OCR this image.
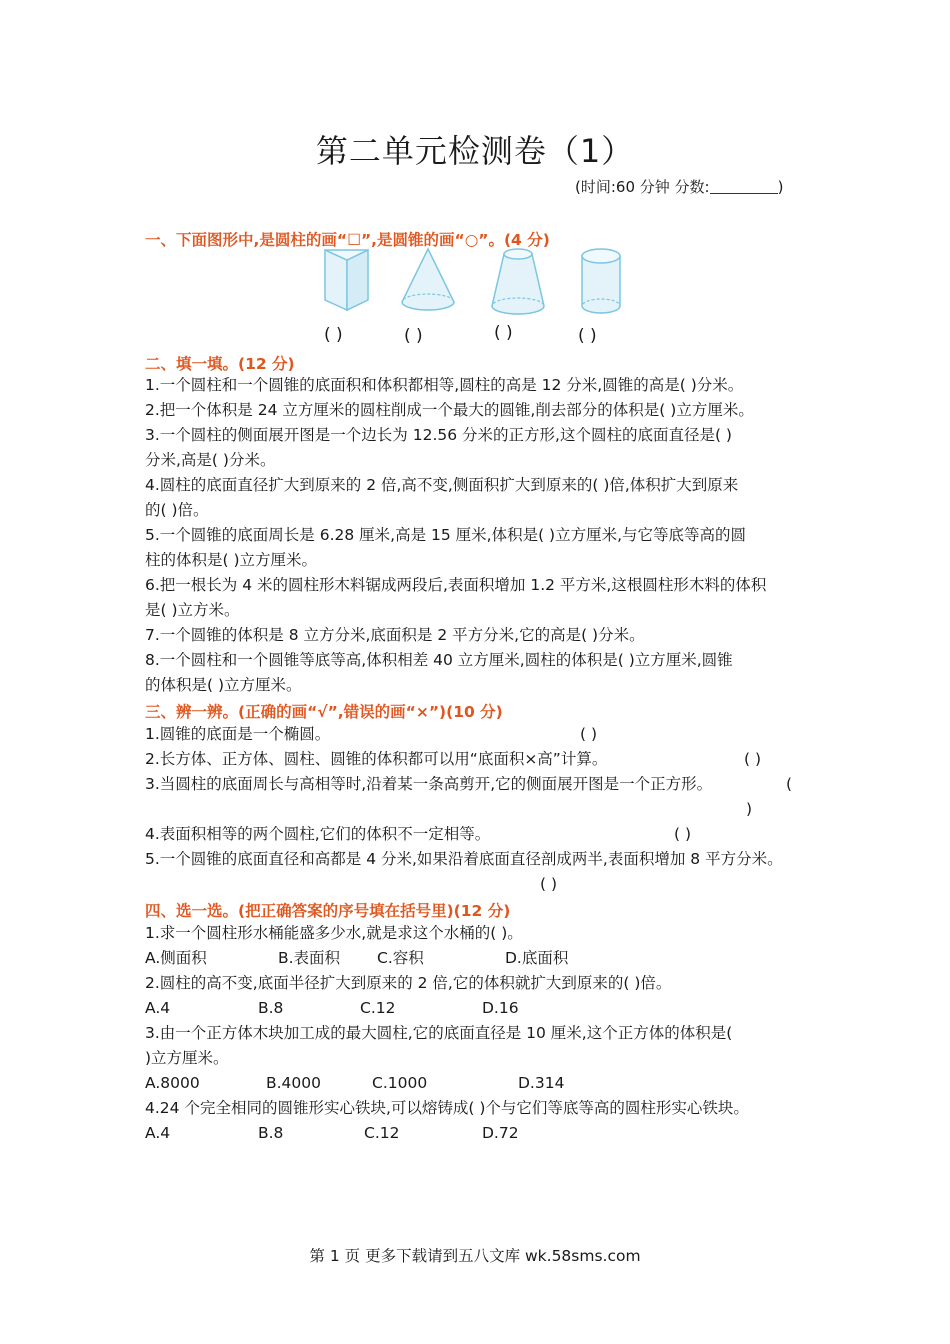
第二单元检测卷（1）
(时间:60 分钟 分数:	)
一、下面图形中,是圆柱的画“☐”,是圆锥的画“○”。(4 分)
( )	( )	( )	( )
二、填一填。(12 分)
1.一个圆柱和一个圆锥的底面积和体积都相等,圆柱的高是 12 分米,圆锥的高是( )分米。
2.把一个体积是 24 立方厘米的圆柱削成一个最大的圆锥,削去部分的体积是( )立方厘米。
3.一个圆柱的侧面展开图是一个边长为 12.56 分米的正方形,这个圆柱的底面直径是( )
分米,高是( )分米。
4.圆柱的底面直径扩大到原来的 2 倍,高不变,侧面积扩大到原来的( )倍,体积扩大到原来
的( )倍。
5.一个圆锥的底面周长是 6.28 厘米,高是 15 厘米,体积是( )立方厘米,与它等底等高的圆
柱的体积是( )立方厘米。
6.把一根长为 4 米的圆柱形木料锯成两段后,表面积增加 1.2 平方米,这根圆柱形木料的体积
是( )立方米。
7.一个圆锥的体积是 8 立方分米,底面积是 2 平方分米,它的高是( )分米。
8.一个圆柱和一个圆锥等底等高,体积相差 40 立方厘米,圆柱的体积是( )立方厘米,圆锥
的体积是( )立方厘米。
三、辨一辨。(正确的画“√”,错误的画“×”)(10 分)
1.圆锥的底面是一个椭圆。	( )
2.长方体、正方体、圆柱、圆锥的体积都可以用“底面积×高”计算。	( )
3.当圆柱的底面周长与高相等时,沿着某一条高剪开,它的侧面展开图是一个正方形。	(
)
4.表面积相等的两个圆柱,它们的体积不一定相等。	( )
5.一个圆锥的底面直径和高都是 4 分米,如果沿着底面直径剖成两半,表面积增加 8 平方分米。
( )
四、选一选。(把正确答案的序号填在括号里)(12 分)
1.求一个圆柱形水桶能盛多少水,就是求这个水桶的( )。
A.侧面积	B.表面积 C.容积	D.底面积
2.圆柱的高不变,底面半径扩大到原来的 2 倍,它的体积就扩大到原来的( )倍。
A.4	B.8	C.12	D.16
3.由一个正方体木块加工成的最大圆柱,它的底面直径是 10 厘米,这个正方体的体积是(
)立方厘米。
A.8000	B.4000	C.1000	D.314
4.24 个完全相同的圆锥形实心铁块,可以熔铸成( )个与它们等底等高的圆柱形实心铁块。
A.4	B.8	C.12	D.72
第 1 页 更多下载请到五八文库 wk.58sms.com
